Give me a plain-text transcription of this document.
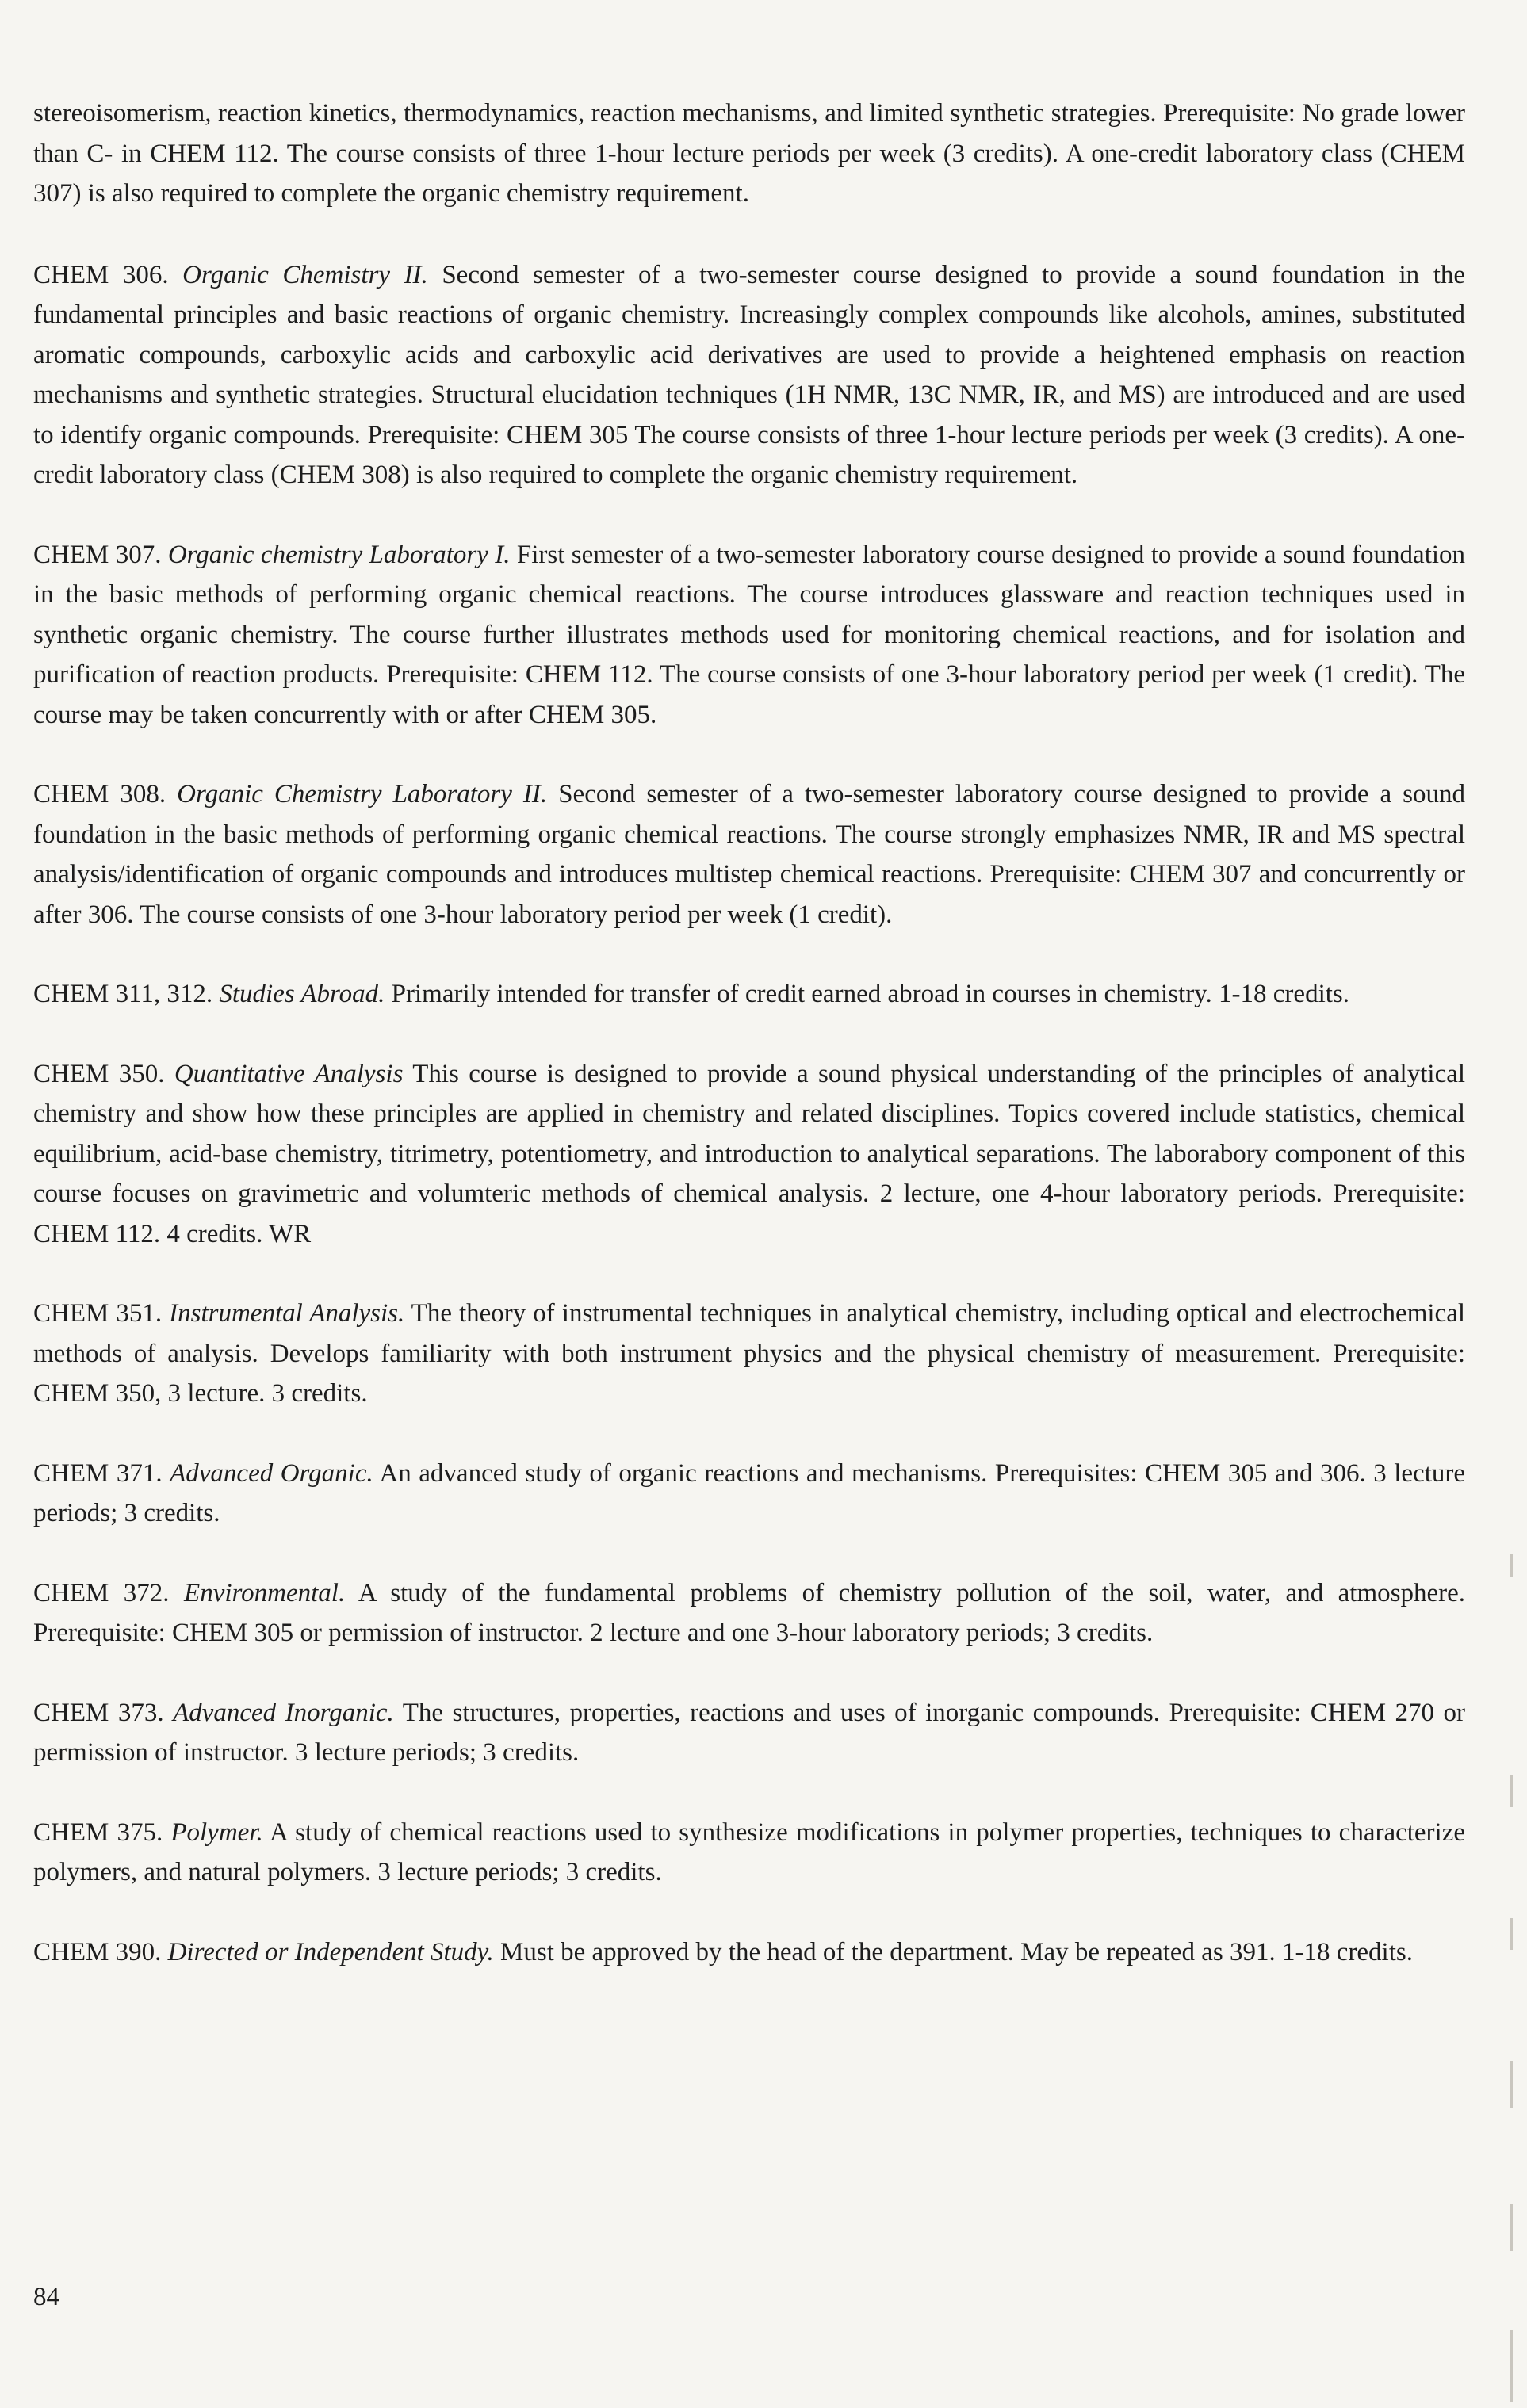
stereoisomerism, reaction kinetics, thermodynamics, reaction mechanisms, and limited synthetic strategies. Prerequisite: No grade lower than C- in CHEM 112. The course consists of three 1-hour lecture periods per week (3 credits). A one-credit laboratory class (CHEM 307) is also required to complete the organic chemistry requirement.

CHEM 306. Organic Chemistry II. Second semester of a two-semester course designed to provide a sound foundation in the fundamental principles and basic reactions of organic chemistry. Increasingly complex compounds like alcohols, amines, substituted aromatic compounds, carboxylic acids and carboxylic acid derivatives are used to provide a heightened emphasis on reaction mechanisms and synthetic strategies. Structural elucidation techniques (1H NMR, 13C NMR, IR, and MS) are introduced and are used to identify organic compounds. Prerequisite: CHEM 305 The course consists of three 1-hour lecture periods per week (3 credits). A one-credit laboratory class (CHEM 308) is also required to complete the organic chemistry requirement.

CHEM 307. Organic chemistry Laboratory I. First semester of a two-semester laboratory course designed to provide a sound foundation in the basic methods of performing organic chemical reactions. The course introduces glassware and reaction techniques used in synthetic organic chemistry. The course further illustrates methods used for monitoring chemical reactions, and for isolation and purification of reaction products. Prerequisite: CHEM 112. The course consists of one 3-hour laboratory period per week (1 credit). The course may be taken concurrently with or after CHEM 305.

CHEM 308. Organic Chemistry Laboratory II. Second semester of a two-semester laboratory course designed to provide a sound foundation in the basic methods of performing organic chemical reactions. The course strongly emphasizes NMR, IR and MS spectral analysis/identification of organic compounds and introduces multistep chemical reactions. Prerequisite: CHEM 307 and concurrently or after 306. The course consists of one 3-hour laboratory period per week (1 credit).

CHEM 311, 312. Studies Abroad. Primarily intended for transfer of credit earned abroad in courses in chemistry. 1-18 credits.

CHEM 350. Quantitative Analysis This course is designed to provide a sound physical understanding of the principles of analytical chemistry and show how these principles are applied in chemistry and related disciplines. Topics covered include statistics, chemical equilibrium, acid-base chemistry, titrimetry, potentiometry, and introduction to analytical separations. The laborabory component of this course focuses on gravimetric and volumteric methods of chemical analysis. 2 lecture, one 4-hour laboratory periods. Prerequisite: CHEM 112. 4 credits. WR

CHEM 351. Instrumental Analysis. The theory of instrumental techniques in analytical chemistry, including optical and electrochemical methods of analysis. Develops familiarity with both instrument physics and the physical chemistry of measurement. Prerequisite: CHEM 350, 3 lecture. 3 credits.

CHEM 371. Advanced Organic. An advanced study of organic reactions and mechanisms. Prerequisites: CHEM 305 and 306. 3 lecture periods; 3 credits.

CHEM 372. Environmental. A study of the fundamental problems of chemistry pollution of the soil, water, and atmosphere. Prerequisite: CHEM 305 or permission of instructor. 2 lecture and one 3-hour laboratory periods; 3 credits.

CHEM 373. Advanced Inorganic. The structures, properties, reactions and uses of inorganic compounds. Prerequisite: CHEM 270 or permission of instructor. 3 lecture periods; 3 credits.

CHEM 375. Polymer. A study of chemical reactions used to synthesize modifications in polymer properties, techniques to characterize polymers, and natural polymers. 3 lecture periods; 3 credits.

CHEM 390. Directed or Independent Study. Must be approved by the head of the department. May be repeated as 391. 1-18 credits.

84
